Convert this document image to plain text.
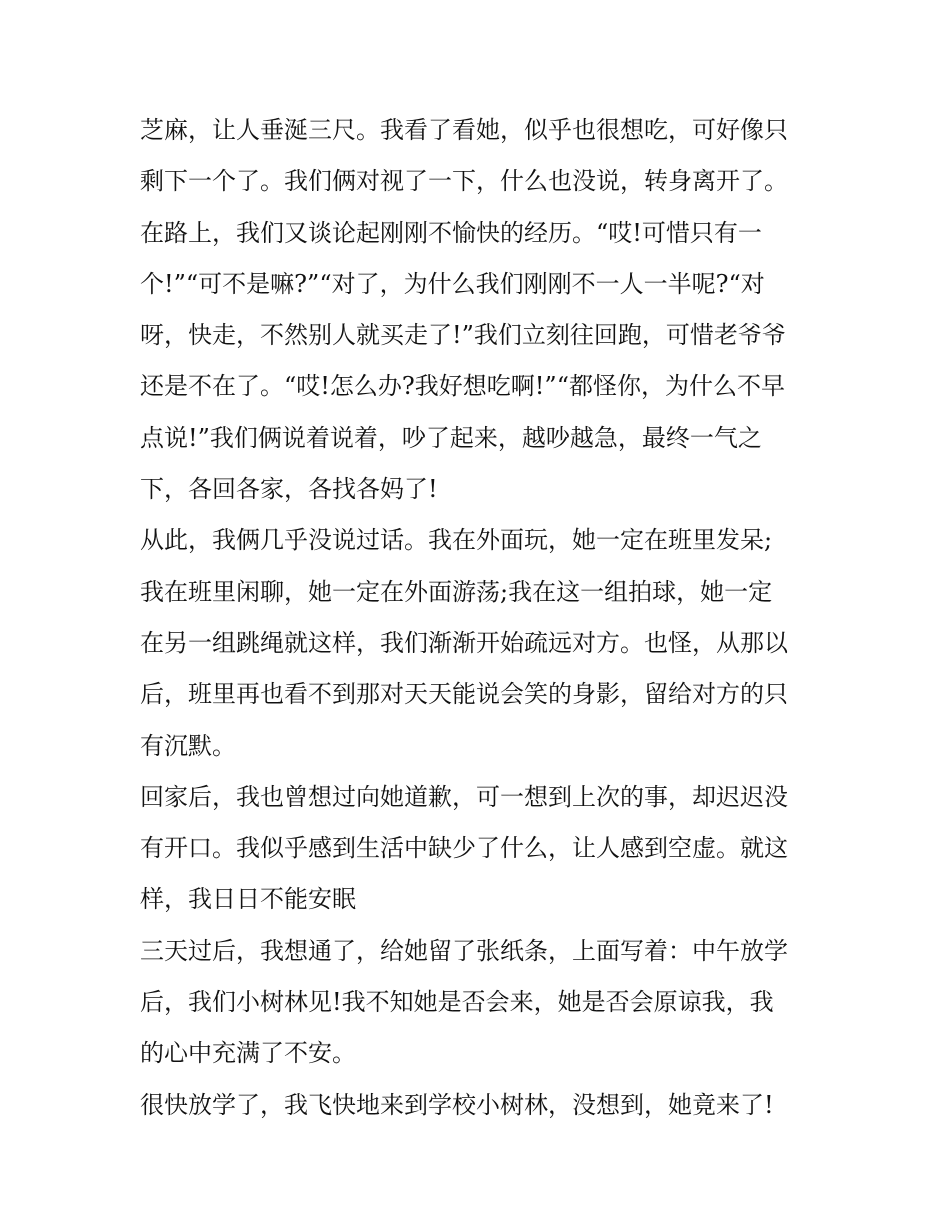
芝麻，让人垂涎三尺。我看了看她，似乎也很想吃，可好像只
剩下一个了。我们俩对视了一下，什么也没说，转身离开了。
在路上，我们又谈论起刚刚不愉快的经历。“哎!可惜只有一
个!”“可不是嘛?”“对了，为什么我们刚刚不一人一半呢?“对
呀，快走，不然别人就买走了!”我们立刻往回跑，可惜老爷爷
还是不在了。“哎!怎么办?我好想吃啊!”“都怪你，为什么不早
点说!”我们俩说着说着，吵了起来，越吵越急，最终一气之
下，各回各家，各找各妈了!
从此，我俩几乎没说过话。我在外面玩，她一定在班里发呆;
我在班里闲聊，她一定在外面游荡;我在这一组拍球，她一定
在另一组跳绳就这样，我们渐渐开始疏远对方。也怪，从那以
后，班里再也看不到那对天天能说会笑的身影，留给对方的只
有沉默。
回家后，我也曾想过向她道歉，可一想到上次的事，却迟迟没
有开口。我似乎感到生活中缺少了什么，让人感到空虚。就这
样，我日日不能安眠
三天过后，我想通了，给她留了张纸条，上面写着：中午放学
后，我们小树林见!我不知她是否会来，她是否会原谅我，我
的心中充满了不安。
很快放学了，我飞快地来到学校小树林，没想到，她竟来了!
